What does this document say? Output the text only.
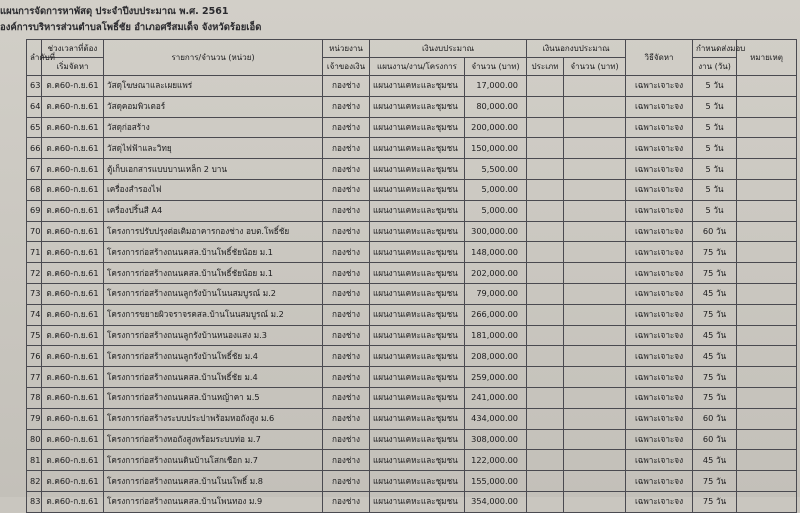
แผนการจัดการหาพัสดุ ประจำปีงบประมาณ พ.ศ. 2561
องค์การบริหารส่วนตำบลโพธิ์ชัย อำเภอศรีสมเด็จ จังหวัดร้อยเอ็ด
ลำดับที่	ช่วงเวลาที่ต้อง	รายการ/จำนวน (หน่วย)	หน่วยงาน	เงินงบประมาณ		เงินนอกงบประมาณ		วิธีจัดหา	กำหนดส่งมอบ	หมายเหตุ
	เริ่มจัดหา		เจ้าของเงิน	แผนงาน/งาน/โครงการ	จำนวน (บาท)	ประเภท	จำนวน (บาท)		งาน (วัน)	
63	ต.ค60-ก.ย.61	วัสดุโฆษณาและเผยแพร่	กองช่าง	แผนงานเคหะและชุมชน	17,000.00			เฉพาะเจาะจง	5 วัน	
64	ต.ค60-ก.ย.61	วัสดุคอมพิวเตอร์	กองช่าง	แผนงานเคหะและชุมชน	80,000.00			เฉพาะเจาะจง	5 วัน	
65	ต.ค60-ก.ย.61	วัสดุก่อสร้าง	กองช่าง	แผนงานเคหะและชุมชน	200,000.00			เฉพาะเจาะจง	5 วัน	
66	ต.ค60-ก.ย.61	วัสดุไฟฟ้าและวิทยุ	กองช่าง	แผนงานเคหะและชุมชน	150,000.00			เฉพาะเจาะจง	5 วัน	
67	ต.ค60-ก.ย.61	ตู้เก็บเอกสารแบบบานเหล็ก 2 บาน	กองช่าง	แผนงานเคหะและชุมชน	5,500.00			เฉพาะเจาะจง	5 วัน	
68	ต.ค60-ก.ย.61	เครื่องสำรองไฟ	กองช่าง	แผนงานเคหะและชุมชน	5,000.00			เฉพาะเจาะจง	5 วัน	
69	ต.ค60-ก.ย.61	เครื่องปริ้นสี A4	กองช่าง	แผนงานเคหะและชุมชน	5,000.00			เฉพาะเจาะจง	5 วัน	
70	ต.ค60-ก.ย.61	โครงการปรับปรุงต่อเติมอาคารกองช่าง อบต.โพธิ์ชัย	กองช่าง	แผนงานเคหะและชุมชน	300,000.00			เฉพาะเจาะจง	60 วัน	
71	ต.ค60-ก.ย.61	โครงการก่อสร้างถนนคสล.บ้านโพธิ์ชัยน้อย ม.1	กองช่าง	แผนงานเคหะและชุมชน	148,000.00			เฉพาะเจาะจง	75 วัน	
72	ต.ค60-ก.ย.61	โครงการก่อสร้างถนนคสล.บ้านโพธิ์ชัยน้อย ม.1	กองช่าง	แผนงานเคหะและชุมชน	202,000.00			เฉพาะเจาะจง	75 วัน	
73	ต.ค60-ก.ย.61	โครงการก่อสร้างถนนลูกรังบ้านโนนสมบูรณ์ ม.2	กองช่าง	แผนงานเคหะและชุมชน	79,000.00			เฉพาะเจาะจง	45 วัน	
74	ต.ค60-ก.ย.61	โครงการขยายผิวจราจรคสล.บ้านโนนสมบูรณ์ ม.2	กองช่าง	แผนงานเคหะและชุมชน	266,000.00			เฉพาะเจาะจง	75 วัน	
75	ต.ค60-ก.ย.61	โครงการก่อสร้างถนนลูกรังบ้านหนองแสง ม.3	กองช่าง	แผนงานเคหะและชุมชน	181,000.00			เฉพาะเจาะจง	45 วัน	
76	ต.ค60-ก.ย.61	โครงการก่อสร้างถนนลูกรังบ้านโพธิ์ชัย ม.4	กองช่าง	แผนงานเคหะและชุมชน	208,000.00			เฉพาะเจาะจง	45 วัน	
77	ต.ค60-ก.ย.61	โครงการก่อสร้างถนนคสล.บ้านโพธิ์ชัย ม.4	กองช่าง	แผนงานเคหะและชุมชน	259,000.00			เฉพาะเจาะจง	75 วัน	
78	ต.ค60-ก.ย.61	โครงการก่อสร้างถนนคสล.บ้านหญ้าคา ม.5	กองช่าง	แผนงานเคหะและชุมชน	241,000.00			เฉพาะเจาะจง	75 วัน	
79	ต.ค60-ก.ย.61	โครงการก่อสร้างระบบประปาพร้อมหอถังสูง ม.6	กองช่าง	แผนงานเคหะและชุมชน	434,000.00			เฉพาะเจาะจง	60 วัน	
80	ต.ค60-ก.ย.61	โครงการก่อสร้างหอถังสูงพร้อมระบบท่อ ม.7	กองช่าง	แผนงานเคหะและชุมชน	308,000.00			เฉพาะเจาะจง	60 วัน	
81	ต.ค60-ก.ย.61	โครงการก่อสร้างถนนดินบ้านโสกเชือก ม.7	กองช่าง	แผนงานเคหะและชุมชน	122,000.00			เฉพาะเจาะจง	45 วัน	
82	ต.ค60-ก.ย.61	โครงการก่อสร้างถนนคสล.บ้านโนนโพธิ์ ม.8	กองช่าง	แผนงานเคหะและชุมชน	155,000.00			เฉพาะเจาะจง	75 วัน	
83	ต.ค60-ก.ย.61	โครงการก่อสร้างถนนคสล.บ้านโพนทอง ม.9	กองช่าง	แผนงานเคหะและชุมชน	354,000.00			เฉพาะเจาะจง	75 วัน	
